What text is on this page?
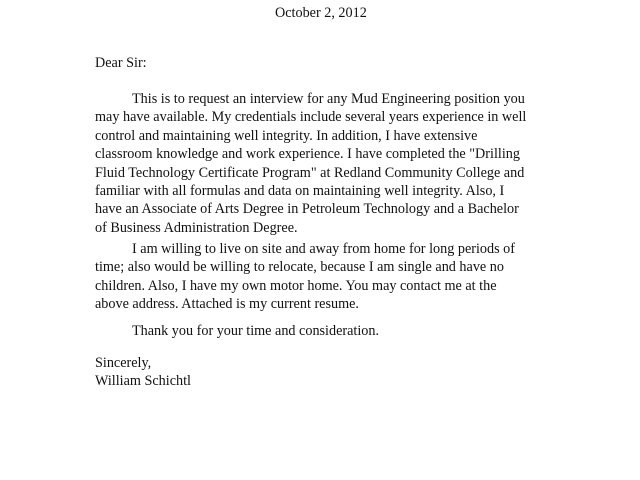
October 2, 2012
Dear Sir:
This is to request an interview for any Mud Engineering position you
may have available. My credentials include several years experience in well
control and maintaining well integrity. In addition, I have extensive
classroom knowledge and work experience. I have completed the "Drilling
Fluid Technology Certificate Program" at Redland Community College and
familiar with all formulas and data on maintaining well integrity. Also, I
have an Associate of Arts Degree in Petroleum Technology and a Bachelor
of Business Administration Degree.
I am willing to live on site and away from home for long periods of
time; also would be willing to relocate, because I am single and have no
children. Also, I have my own motor home. You may contact me at the
above address. Attached is my current resume.
Thank you for your time and consideration.
Sincerely,
William Schichtl
